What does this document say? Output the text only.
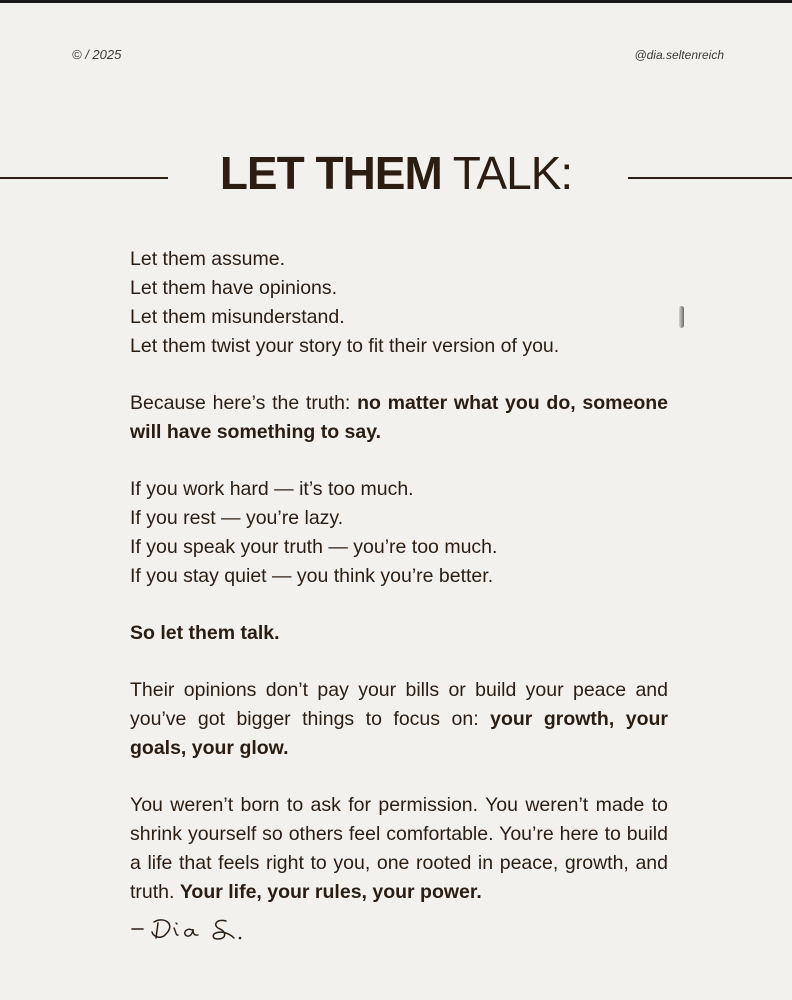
© / 2025	@dia.seltenreich
LET THEM TALK:

Let them assume.

Let them have opinions.

Let them misunderstand.

Let them twist your story to fit their version of you.

Because here’s the truth: no matter what you do, someone will have something to say.

If you work hard — it’s too much.

If you rest — you’re lazy.

If you speak your truth — you’re too much.

If you stay quiet — you think you’re better.

So let them talk.

Their opinions don’t pay your bills or build your peace and you’ve got bigger things to focus on: your growth, your goals, your glow.

You weren’t born to ask for permission. You weren’t made to shrink yourself so others feel comfortable. You’re here to build a life that feels right to you, one rooted in peace, growth, and truth. Your life, your rules, your power.
